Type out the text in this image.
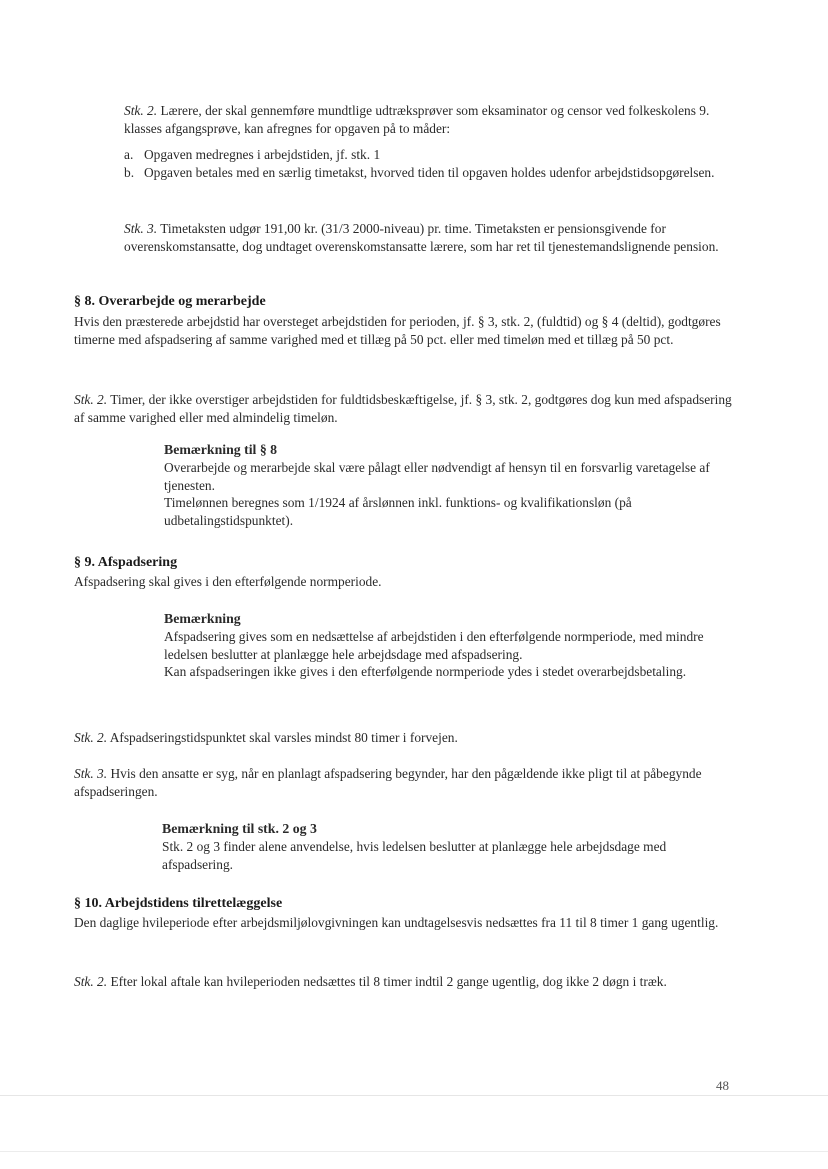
Stk. 2. Lærere, der skal gennemføre mundtlige udtræksprøver som eksaminator og censor ved folkeskolens 9. klasses afgangsprøve, kan afregnes for opgaven på to måder:

a. Opgaven medregnes i arbejdstiden, jf. stk. 1
b. Opgaven betales med en særlig timetakst, hvorved tiden til opgaven holdes udenfor arbejdstidsopgørelsen.

Stk. 3. Timetaksten udgør 191,00 kr. (31/3 2000-niveau) pr. time. Timetaksten er pensionsgivende for overenskomstansatte, dog undtaget overenskomstansatte lærere, som har ret til tjenestemandslignende pension.

§ 8. Overarbejde og merarbejde

Hvis den præsterede arbejdstid har oversteget arbejdstiden for perioden, jf. § 3, stk. 2, (fuldtid) og § 4 (deltid), godtgøres timerne med afspadsering af samme varighed med et tillæg på 50 pct. eller med timeløn med et tillæg på 50 pct.

Stk. 2. Timer, der ikke overstiger arbejdstiden for fuldtidsbeskæftigelse, jf. § 3, stk. 2, godtgøres dog kun med afspadsering af samme varighed eller med almindelig timeløn.

Bemærkning til § 8

Overarbejde og merarbejde skal være pålagt eller nødvendigt af hensyn til en forsvarlig varetagelse af tjenesten.

Timelønnen beregnes som 1/1924 af årslønnen inkl. funktions- og kvalifikationsløn (på udbetalingstidspunktet).

§ 9. Afspadsering

Afspadsering skal gives i den efterfølgende normperiode.

Bemærkning

Afspadsering gives som en nedsættelse af arbejdstiden i den efterfølgende normperiode, med mindre ledelsen beslutter at planlægge hele arbejdsdage med afspadsering.

Kan afspadseringen ikke gives i den efterfølgende normperiode ydes i stedet overarbejdsbetaling.

Stk. 2. Afspadseringstidspunktet skal varsles mindst 80 timer i forvejen.

Stk. 3. Hvis den ansatte er syg, når en planlagt afspadsering begynder, har den pågældende ikke pligt til at påbegynde afspadseringen.

Bemærkning til stk. 2 og 3

Stk. 2 og 3 finder alene anvendelse, hvis ledelsen beslutter at planlægge hele arbejdsdage med afspadsering.

§ 10. Arbejdstidens tilrettelæggelse

Den daglige hvileperiode efter arbejdsmiljølovgivningen kan undtagelsesvis nedsættes fra 11 til 8 timer 1 gang ugentlig.

Stk. 2. Efter lokal aftale kan hvileperioden nedsættes til 8 timer indtil 2 gange ugentlig, dog ikke 2 døgn i træk.

48
